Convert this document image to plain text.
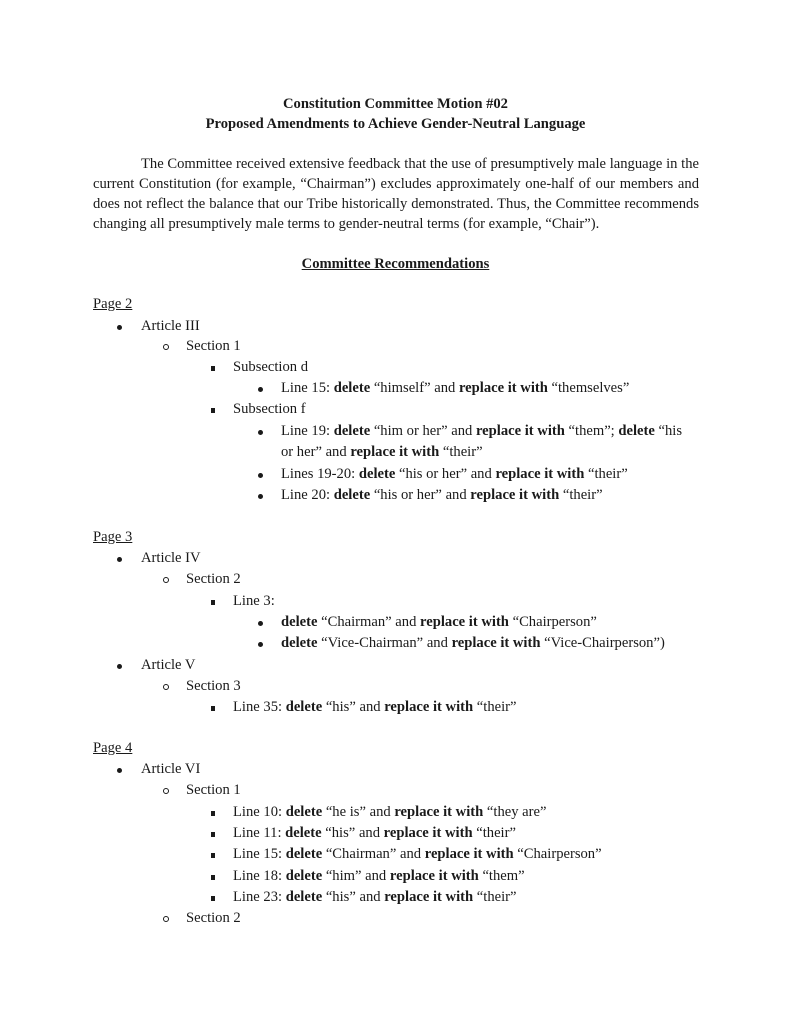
Constitution Committee Motion #02
Proposed Amendments to Achieve Gender-Neutral Language
The Committee received extensive feedback that the use of presumptively male language in the current Constitution (for example, “Chairman”) excludes approximately one-half of our members and does not reflect the balance that our Tribe historically demonstrated. Thus, the Committee recommends changing all presumptively male terms to gender-neutral terms (for example, “Chair”).
Committee Recommendations
Page 2
Article III
Section 1
Subsection d
Line 15: delete “himself” and replace it with “themselves”
Subsection f
Line 19: delete “him or her” and replace it with “them”; delete “his
or her” and replace it with “their”
Lines 19-20: delete “his or her” and replace it with “their”
Line 20: delete “his or her” and replace it with “their”
Page 3
Article IV
Section 2
Line 3:
delete “Chairman” and replace it with “Chairperson”
delete “Vice-Chairman” and replace it with “Vice-Chairperson”)
Article V
Section 3
Line 35: delete “his” and replace it with “their”
Page 4
Article VI
Section 1
Line 10: delete “he is” and replace it with “they are”
Line 11: delete “his” and replace it with “their”
Line 15: delete “Chairman” and replace it with “Chairperson”
Line 18: delete “him” and replace it with “them”
Line 23: delete “his” and replace it with “their”
Section 2
